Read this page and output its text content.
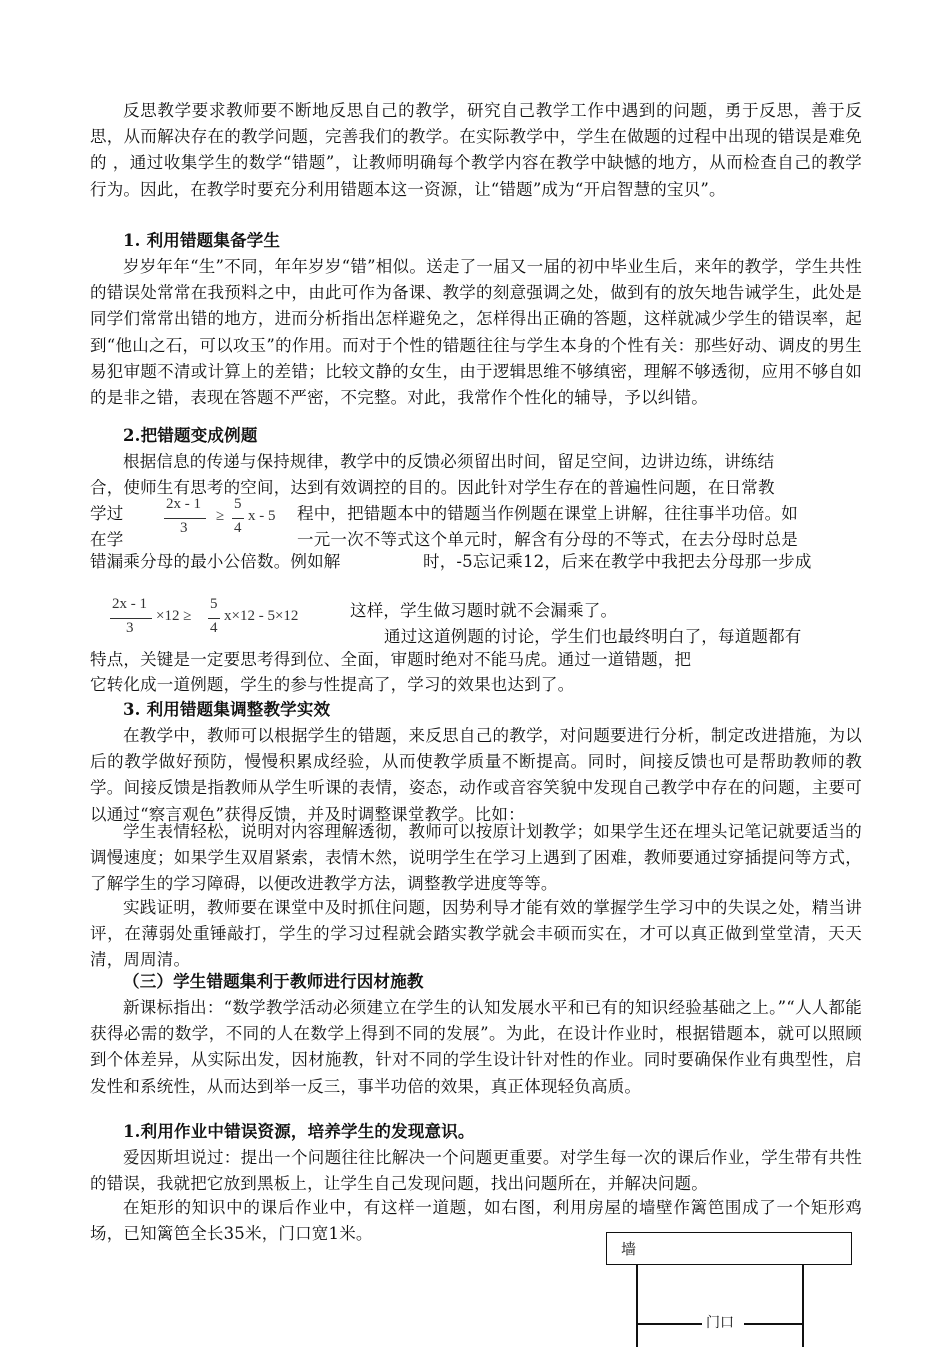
反思教学要求教师要不断地反思自己的教学，研究自己教学工作中遇到的问题，勇于反思，善于反思，从而解决存在的教学问题，完善我们的教学。在实际教学中，学生在做题的过程中出现的错误是难免的 ，通过收集学生的数学“错题”，让教师明确每个教学内容在教学中缺憾的地方，从而检查自己的教学行为。因此，在教学时要充分利用错题本这一资源，让“错题”成为“开启智慧的宝贝”。

1. 利用错题集备学生

岁岁年年“生”不同，年年岁岁“错”相似。送走了一届又一届的初中毕业生后，来年的教学，学生共性的错误处常常在我预料之中，由此可作为备课、教学的刻意强调之处，做到有的放矢地告诫学生，此处是同学们常常出错的地方，进而分析指出怎样避免之，怎样得出正确的答题，这样就减少学生的错误率，起到“他山之石，可以攻玉”的作用。而对于个性的错题往往与学生本身的个性有关：那些好动、调皮的男生易犯审题不清或计算上的差错；比较文静的女生，由于逻辑思维不够缜密，理解不够透彻，应用不够自如的是非之错，表现在答题不严密，不完整。对此，我常作个性化的辅导，予以纠错。

2.把错题变成例题

根据信息的传递与保持规律，教学中的反馈必须留出时间，留足空间，边讲边练，讲练结

合，使师生有思考的空间，达到有效调控的目的。因此针对学生存在的普遍性问题，在日常教

学过	程中，把错题本中的错题当作例题在课堂上讲解，往往事半功倍。如

在学	一元一次不等式这个单元时，解含有分母的不等式，在去分母时总是

错漏乘分母的最小公倍数。例如解	时，-5忘记乘12，后来在教学中我把去分母那一步成

2x - 1
3
≥
5
4
x - 5
2x - 1
3
×12 ≥
5
4
x×12 - 5×12	这样，学生做习题时就不会漏乘了。

通过这道例题的讨论，学生们也最终明白了，每道题都有

特点，关键是一定要思考得到位、全面，审题时绝对不能马虎。通过一道错题，把

它转化成一道例题，学生的参与性提高了，学习的效果也达到了。

3. 利用错题集调整教学实效

在教学中，教师可以根据学生的错题，来反思自己的教学，对问题要进行分析，制定改进措施，为以后的教学做好预防，慢慢积累成经验，从而使教学质量不断提高。同时，间接反馈也可是帮助教师的教学。间接反馈是指教师从学生听课的表情，姿态，动作或音容笑貌中发现自己教学中存在的问题，主要可以通过“察言观色”获得反馈，并及时调整课堂教学。比如：

学生表情轻松，说明对内容理解透彻，教师可以按原计划教学；如果学生还在埋头记笔记就要适当的调慢速度；如果学生双眉紧索，表情木然，说明学生在学习上遇到了困难，教师要通过穿插提问等方式，了解学生的学习障碍，以便改进教学方法，调整教学进度等等。

实践证明，教师要在课堂中及时抓住问题，因势利导才能有效的掌握学生学习中的失误之处，精当讲评，在薄弱处重锤敲打，学生的学习过程就会踏实教学就会丰硕而实在，才可以真正做到堂堂清，天天清，周周清。

（三）学生错题集利于教师进行因材施教

新课标指出：“数学教学活动必须建立在学生的认知发展水平和已有的知识经验基础之上。”“人人都能获得必需的数学，不同的人在数学上得到不同的发展”。为此，在设计作业时，根据错题本，就可以照顾到个体差异，从实际出发，因材施教，针对不同的学生设计针对性的作业。同时要确保作业有典型性，启发性和系统性，从而达到举一反三，事半功倍的效果，真正体现轻负高质。

1.利用作业中错误资源，培养学生的发现意识。

爱因斯坦说过：提出一个问题往往比解决一个问题更重要。对学生每一次的课后作业，学生带有共性的错误，我就把它放到黑板上，让学生自己发现问题，找出问题所在，并解决问题。

在矩形的知识中的课后作业中，有这样一道题，如右图，利用房屋的墙壁作篱笆围成了一个矩形鸡场，已知篱笆全长35米，门口宽1米。

墙
门口
